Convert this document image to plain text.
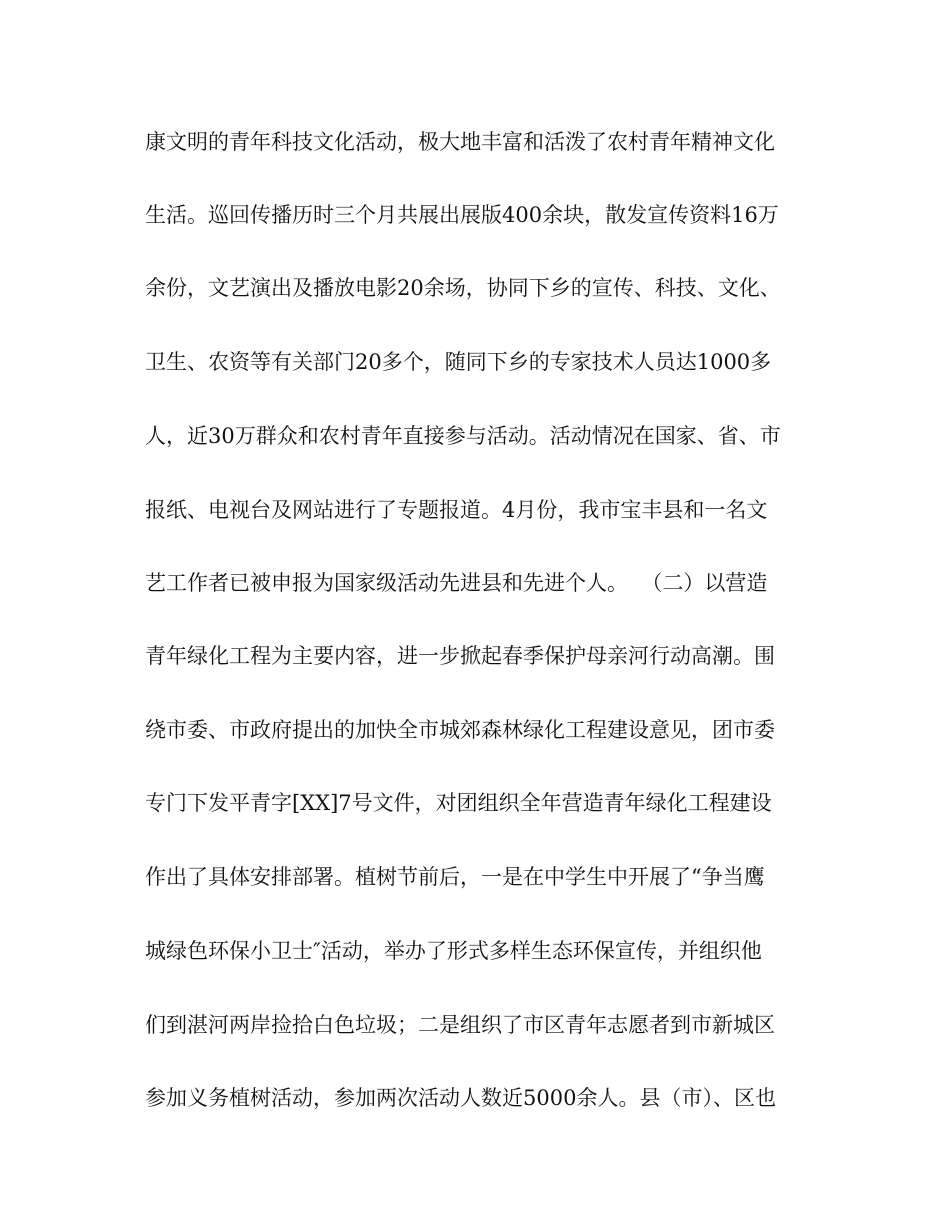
康文明的青年科技文化活动，极大地丰富和活泼了农村青年精神文化
生活。巡回传播历时三个月共展出展版400余块，散发宣传资料16万
余份，文艺演出及播放电影20余场，协同下乡的宣传、科技、文化、
卫生、农资等有关部门20多个，随同下乡的专家技术人员达1000多
人，近30万群众和农村青年直接参与活动。活动情况在国家、省、市
报纸、电视台及网站进行了专题报道。4月份，我市宝丰县和一名文
艺工作者已被申报为国家级活动先进县和先进个人。  （二）以营造
青年绿化工程为主要内容，进一步掀起春季保护母亲河行动高潮。围
绕市委、市政府提出的加快全市城郊森林绿化工程建设意见，团市委
专门下发平青字[XX]7号文件，对团组织全年营造青年绿化工程建设
作出了具体安排部署。植树节前后，一是在中学生中开展了“争当鹰
城绿色环保小卫士″活动，举办了形式多样生态环保宣传，并组织他
们到湛河两岸捡拾白色垃圾；二是组织了市区青年志愿者到市新城区
参加义务植树活动，参加两次活动人数近5000余人。县（市）、区也
